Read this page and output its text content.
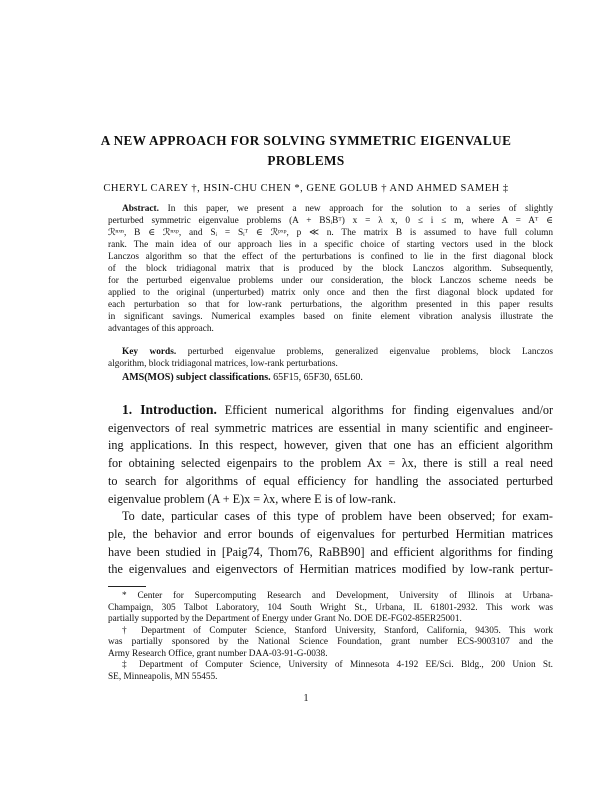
A NEW APPROACH FOR SOLVING SYMMETRIC EIGENVALUE
PROBLEMS
CHERYL CAREY †, HSIN-CHU CHEN *, GENE GOLUB † AND AHMED SAMEH ‡
Abstract. In this paper, we present a new approach for the solution to a series of slightly
perturbed symmetric eigenvalue problems (A + BSᵢBᵀ) x = λ x, 0 ≤ i ≤ m, where A = Aᵀ ∈
ℛⁿˣⁿ, B ∈ ℛⁿˣᵖ, and Sᵢ = Sᵢᵀ ∈ ℛᵖˣᵖ, p ≪ n. The matrix B is assumed to have full column
rank. The main idea of our approach lies in a specific choice of starting vectors used in the block
Lanczos algorithm so that the effect of the perturbations is confined to lie in the first diagonal block
of the block tridiagonal matrix that is produced by the block Lanczos algorithm. Subsequently,
for the perturbed eigenvalue problems under our consideration, the block Lanczos scheme needs be
applied to the original (unperturbed) matrix only once and then the first diagonal block updated for
each perturbation so that for low-rank perturbations, the algorithm presented in this paper results
in significant savings. Numerical examples based on finite element vibration analysis illustrate the
advantages of this approach.
Key words. perturbed eigenvalue problems, generalized eigenvalue problems, block Lanczos
algorithm, block tridiagonal matrices, low-rank perturbations.
AMS(MOS) subject classifications. 65F15, 65F30, 65L60.
1. Introduction. Efficient numerical algorithms for finding eigenvalues and/or
eigenvectors of real symmetric matrices are essential in many scientific and engineer-
ing applications. In this respect, however, given that one has an efficient algorithm
for obtaining selected eigenpairs to the problem Ax = λx, there is still a real need
to search for algorithms of equal efficiency for handling the associated perturbed
eigenvalue problem (A + E)x = λx, where E is of low-rank.
To date, particular cases of this type of problem have been observed; for exam-
ple, the behavior and error bounds of eigenvalues for perturbed Hermitian matrices
have been studied in [Paig74, Thom76, RaBB90] and efficient algorithms for finding
the eigenvalues and eigenvectors of Hermitian matrices modified by low-rank pertur-
* Center for Supercomputing Research and Development, University of Illinois at Urbana-
Champaign, 305 Talbot Laboratory, 104 South Wright St., Urbana, IL 61801-2932. This work was
partially supported by the Department of Energy under Grant No. DOE DE-FG02-85ER25001.
† Department of Computer Science, Stanford University, Stanford, California, 94305. This work
was partially sponsored by the National Science Foundation, grant number ECS-9003107 and the
Army Research Office, grant number DAA-03-91-G-0038.
‡ Department of Computer Science, University of Minnesota 4-192 EE/Sci. Bldg., 200 Union St.
SE, Minneapolis, MN 55455.
1
